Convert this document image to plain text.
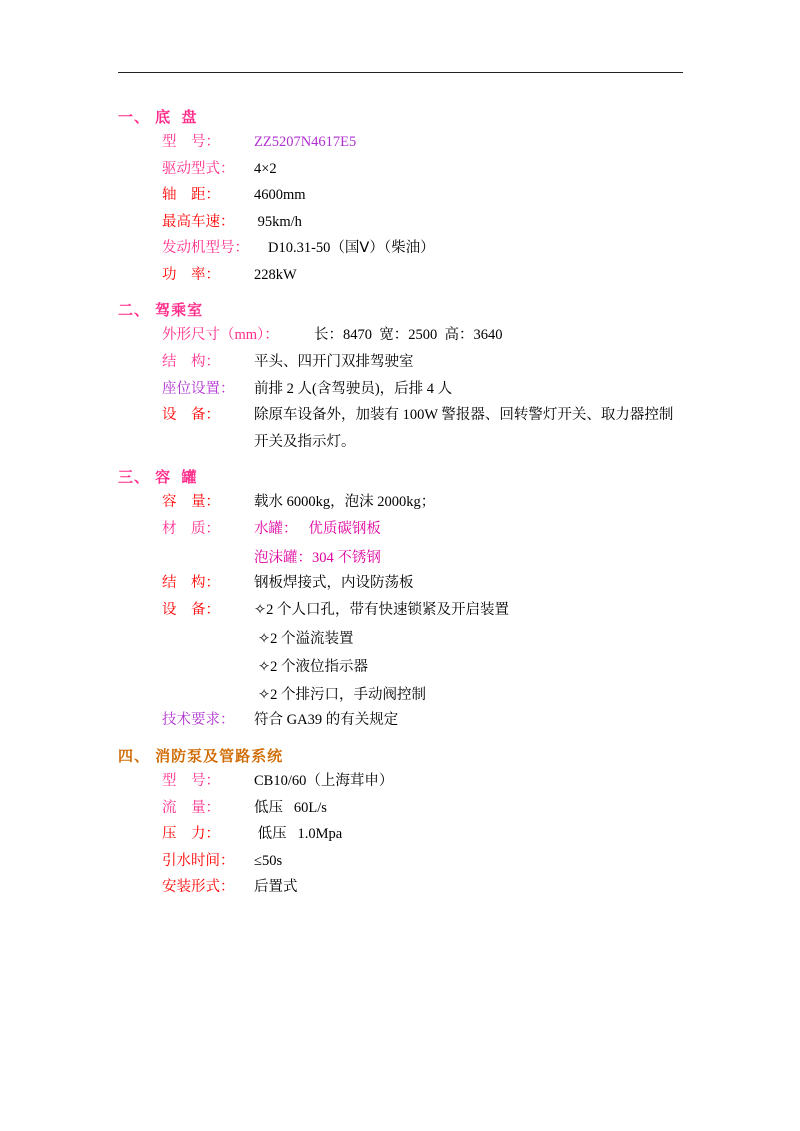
一、 底  盘
型    号：	ZZ5207N4617E5
驱动型式：	4×2
轴    距：	4600mm
最高车速：	95km/h
发动机型号：	D10.31-50（国Ⅴ）（柴油）
功    率：	228kW
二、 驾乘室
外形尺寸（mm）：	长：8470  宽：2500  高：3640
结    构：	平头、四开门双排驾驶室
座位设置：	前排 2 人(含驾驶员)，后排 4 人
设    备：	除原车设备外，加装有 100W 警报器、回转警灯开关、取力器控制
开关及指示灯。
三、 容  罐
容    量：	载水 6000kg，泡沫 2000kg；
材    质：	水罐：   优质碳钢板
泡沫罐：304 不锈钢
结    构：	钢板焊接式，内设防荡板
设    备：	✧2 个人口孔，带有快速锁紧及开启装置
✧2 个溢流装置
✧2 个液位指示器
✧2 个排污口，手动阀控制
技术要求：	符合 GA39 的有关规定
四、 消防泵及管路系统
型    号：	CB10/60（上海茸申）
流    量：	低压   60L/s
压    力：	低压   1.0Mpa
引水时间：	≤50s
安装形式：	后置式
